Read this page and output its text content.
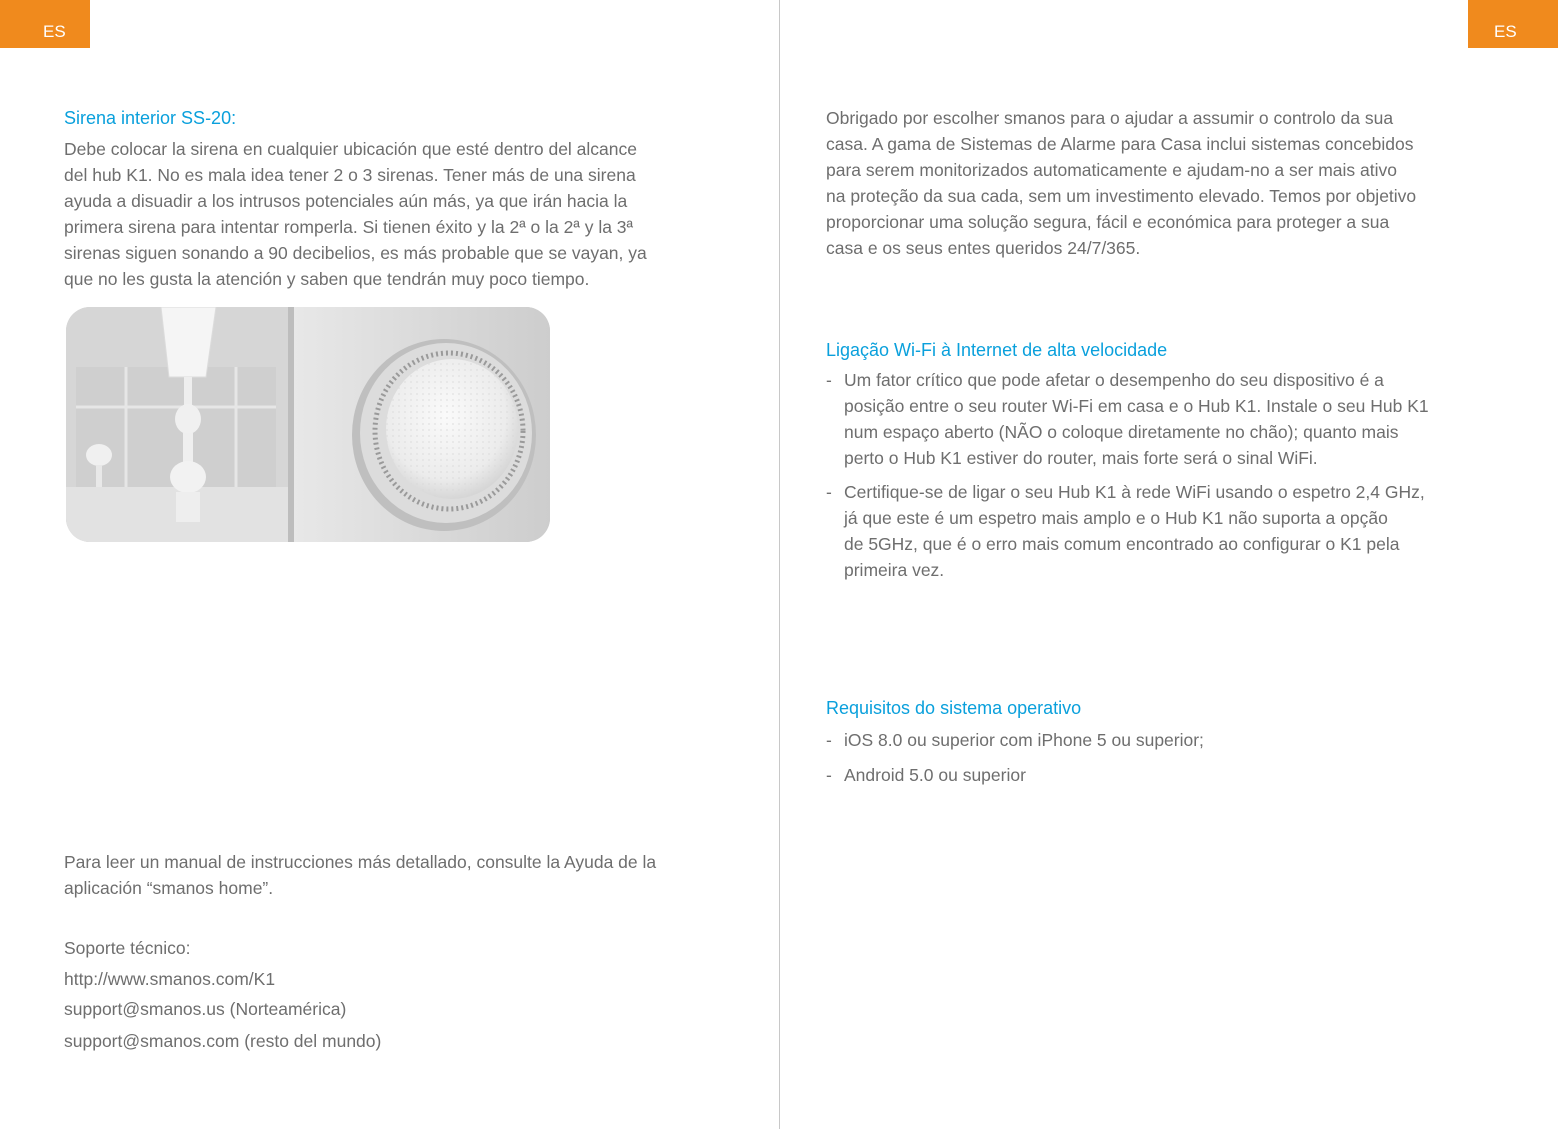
ES	ES
Sirena interior SS-20:
Debe colocar la sirena en cualquier ubicación que esté dentro del alcance
del hub K1. No es mala idea tener 2 o 3 sirenas. Tener más de una sirena
ayuda a disuadir a los intrusos potenciales aún más, ya que irán hacia la
primera sirena para intentar romperla. Si tienen éxito y la 2ª o la 2ª y la 3ª
sirenas siguen sonando a 90 decibelios, es más probable que se vayan, ya
que no les gusta la atención y saben que tendrán muy poco tiempo.
Para leer un manual de instrucciones más detallado, consulte la Ayuda de la
aplicación “smanos home”.
Soporte técnico:
http://www.smanos.com/K1
support@smanos.us (Norteamérica)
support@smanos.com (resto del mundo)
Obrigado por escolher smanos para o ajudar a assumir o controlo da sua
casa. A gama de Sistemas de Alarme para Casa inclui sistemas concebidos
para serem monitorizados automaticamente e ajudam-no a ser mais ativo
na proteção da sua cada, sem um investimento elevado. Temos por objetivo
proporcionar uma solução segura, fácil e económica para proteger a sua
casa e os seus entes queridos 24/7/365.
Ligação Wi-Fi à Internet de alta velocidade
- Um fator crítico que pode afetar o desempenho do seu dispositivo é a
posição entre o seu router Wi-Fi em casa e o Hub K1. Instale o seu Hub K1
num espaço aberto (NÃO o coloque diretamente no chão); quanto mais
perto o Hub K1 estiver do router, mais forte será o sinal WiFi.
- Certifique-se de ligar o seu Hub K1 à rede WiFi usando o espetro 2,4 GHz,
já que este é um espetro mais amplo e o Hub K1 não suporta a opção
de 5GHz, que é o erro mais comum encontrado ao configurar o K1 pela
primeira vez.
Requisitos do sistema operativo
- iOS 8.0 ou superior com iPhone 5 ou superior;
- Android 5.0 ou superior
